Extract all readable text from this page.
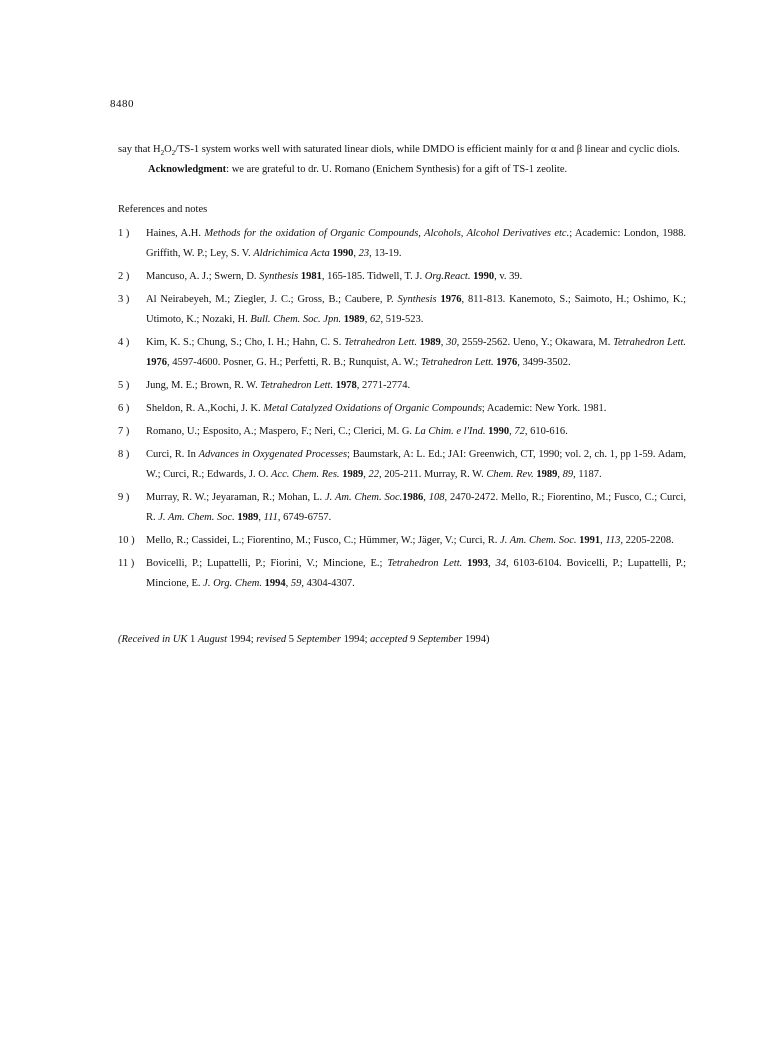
8480

say that $H_2O_2/TS-1$ system works well with saturated linear diols, while DMDO is efficient mainly for α and β linear and cyclic diols.

Acknowledgment: we are grateful to dr. U. Romano (Enichem Synthesis) for a gift of TS-1 zeolite.

References and notes
1 )	Haines, A.H. Methods for the oxidation of Organic Compounds, Alcohols, Alcohol Derivatives etc.; Academic: London, 1988. Griffith, W. P.; Ley, S. V. Aldrichimica Acta 1990, 23, 13-19.
2 )	Mancuso, A. J.; Swern, D. Synthesis 1981, 165-185. Tidwell, T. J. Org.React. 1990, v. 39.
3 )	Al Neirabeyeh, M.; Ziegler, J. C.; Gross, B.; Caubere, P. Synthesis 1976, 811-813. Kanemoto, S.; Saimoto, H.; Oshimo, K.; Utimoto, K.; Nozaki, H. Bull. Chem. Soc. Jpn. 1989, 62, 519-523.
4 )	Kim, K. S.; Chung, S.; Cho, I. H.; Hahn, C. S. Tetrahedron Lett. 1989, 30, 2559-2562. Ueno, Y.; Okawara, M. Tetrahedron Lett. 1976, 4597-4600. Posner, G. H.; Perfetti, R. B.; Runquist, A. W.; Tetrahedron Lett. 1976, 3499-3502.
5 )	Jung, M. E.; Brown, R. W. Tetrahedron Lett. 1978, 2771-2774.
6 )	Sheldon, R. A.,Kochi, J. K. Metal Catalyzed Oxidations of Organic Compounds; Academic: New York. 1981.
7 )	Romano, U.; Esposito, A.; Maspero, F.; Neri, C.; Clerici, M. G. La Chim. e l'Ind. 1990, 72, 610-616.
8 )	Curci, R. In Advances in Oxygenated Processes; Baumstark, A: L. Ed.; JAI: Greenwich, CT, 1990; vol. 2, ch. 1, pp 1-59. Adam, W.; Curci, R.; Edwards, J. O. Acc. Chem. Res. 1989, 22, 205-211. Murray, R. W. Chem. Rev. 1989, 89, 1187.
9 )	Murray, R. W.; Jeyaraman, R.; Mohan, L. J. Am. Chem. Soc.1986, 108, 2470-2472. Mello, R.; Fiorentino, M.; Fusco, C.; Curci, R. J. Am. Chem. Soc. 1989, 111, 6749-6757.
10 )	Mello, R.; Cassidei, L.; Fiorentino, M.; Fusco, C.; Hümmer, W.; Jäger, V.; Curci, R. J. Am. Chem. Soc. 1991, 113, 2205-2208.
11 )	Bovicelli, P.; Lupattelli, P.; Fiorini, V.; Mincione, E.; Tetrahedron Lett. 1993, 34, 6103-6104. Bovicelli, P.; Lupattelli, P.; Mincione, E. J. Org. Chem. 1994, 59, 4304-4307.

(Received in UK 1 August 1994; revised 5 September 1994; accepted 9 September 1994)
